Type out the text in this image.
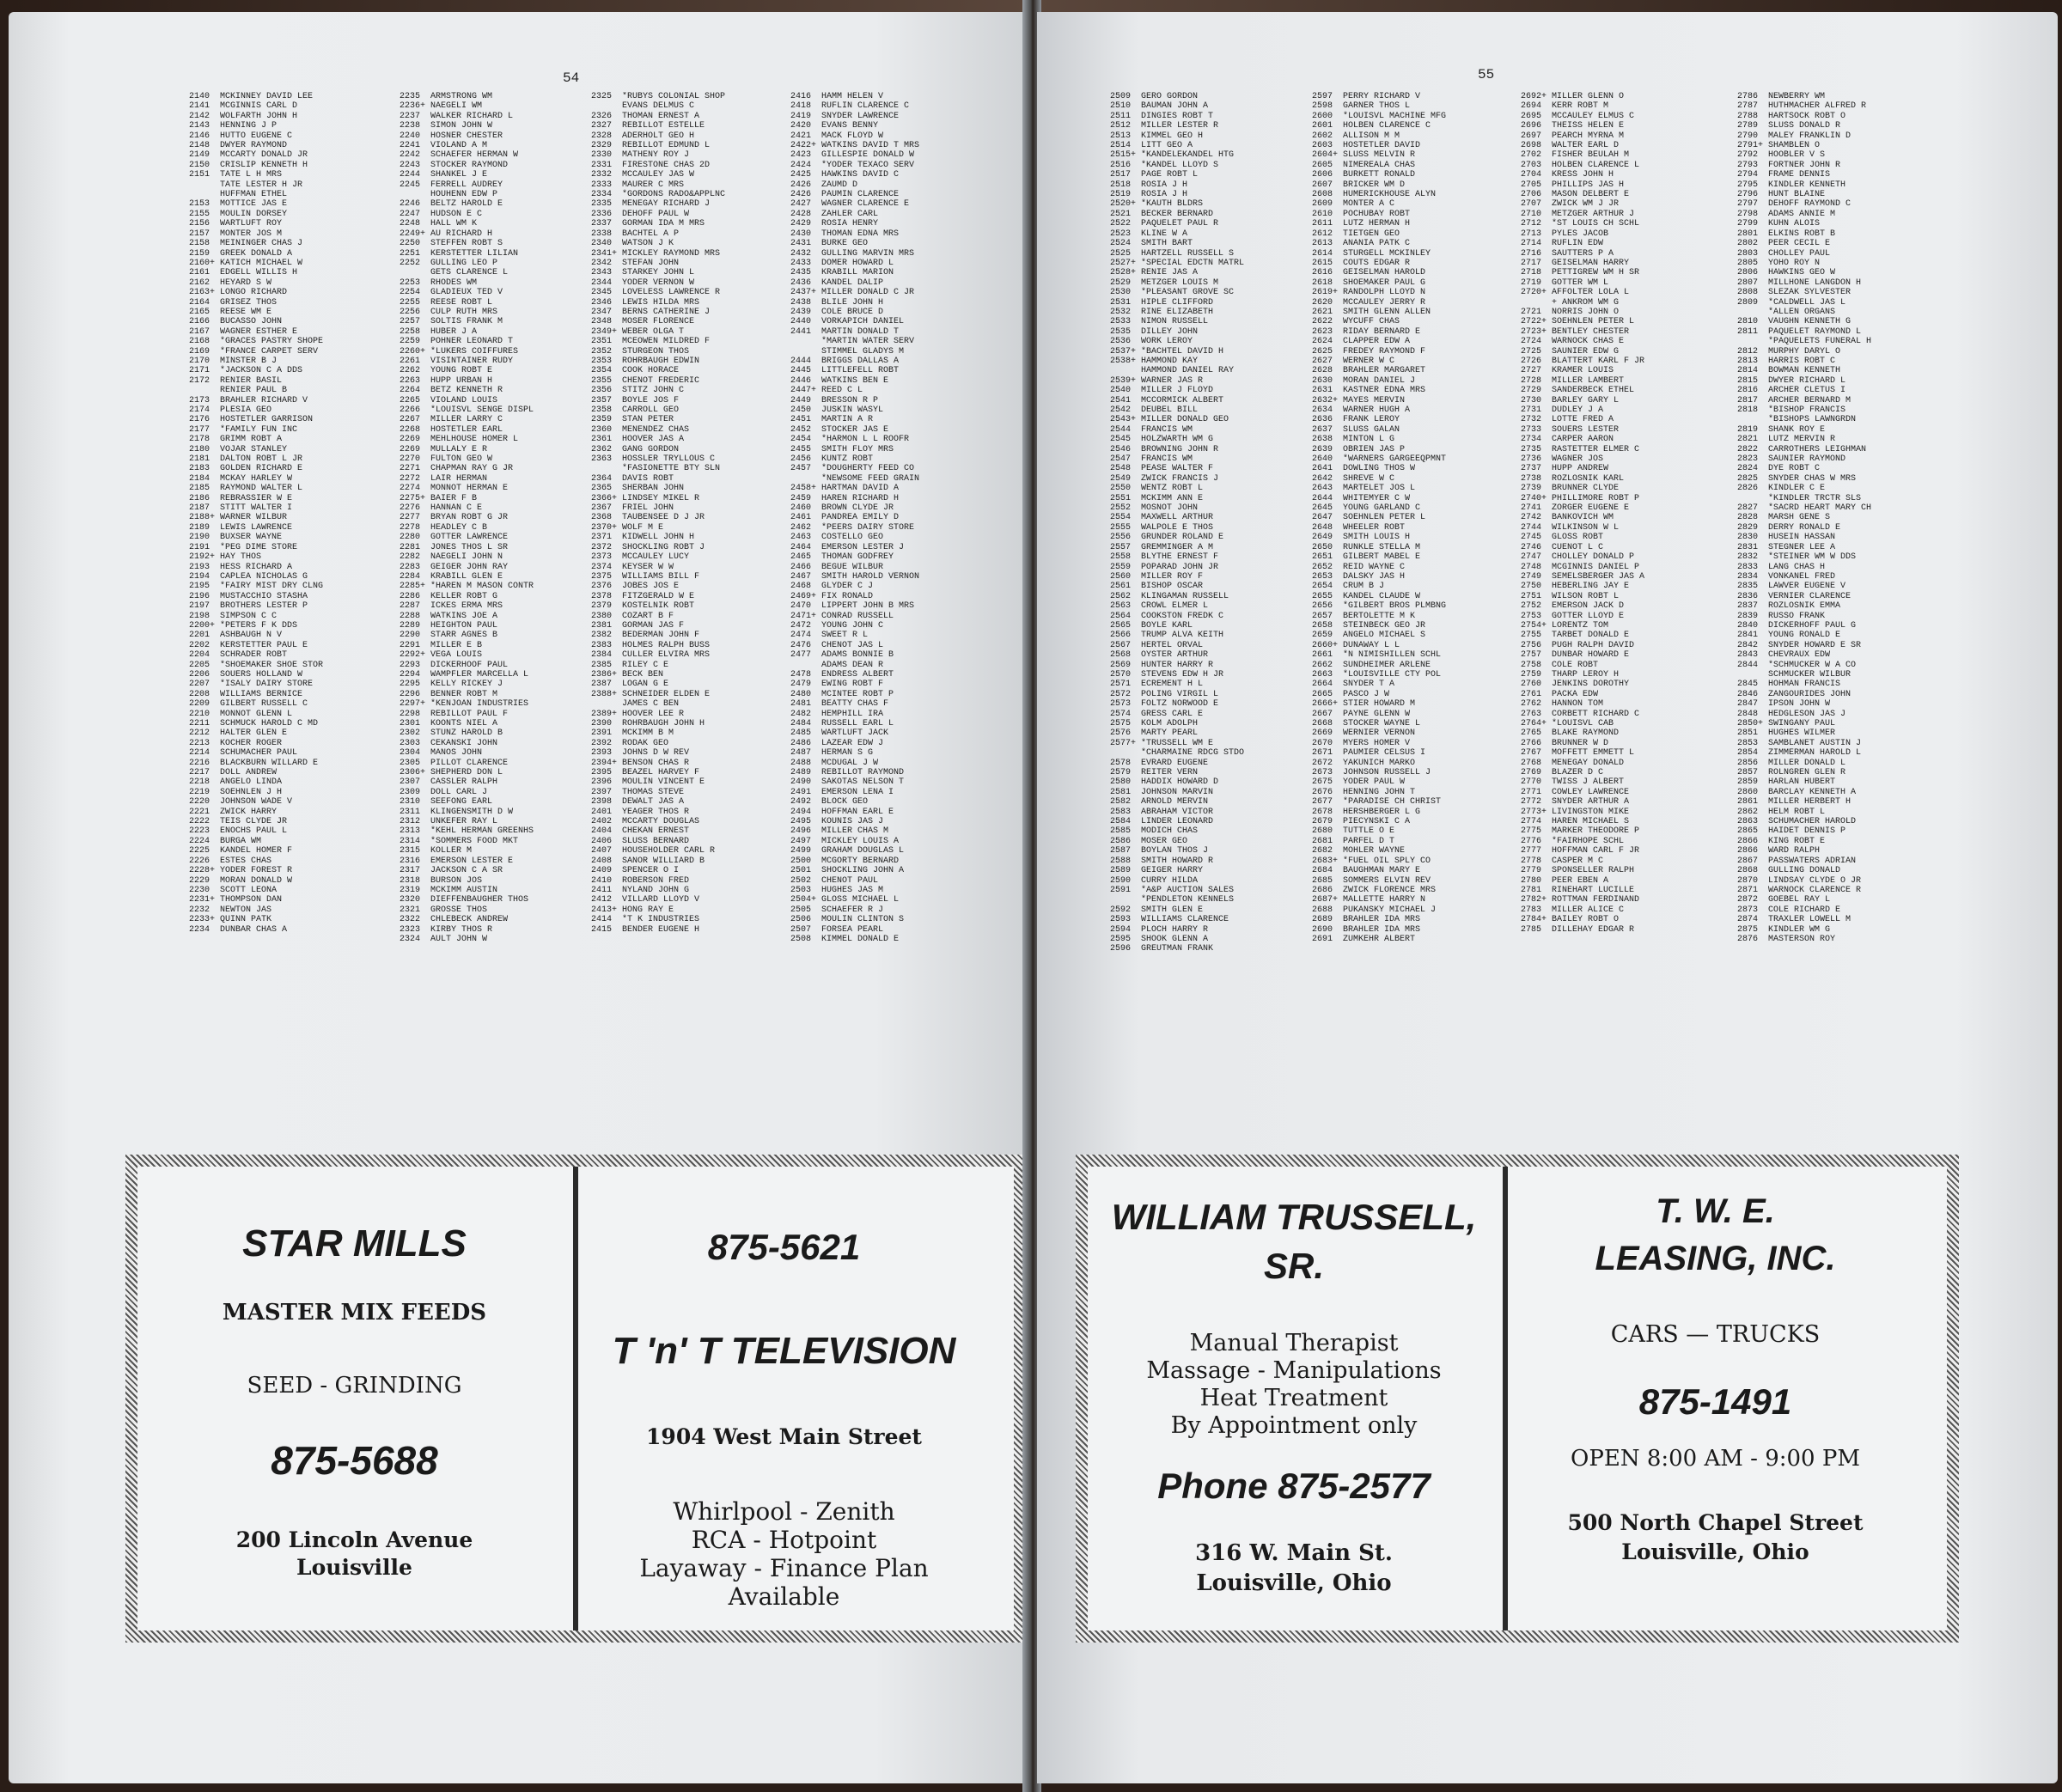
54
2140 MCKINNEY DAVID LEE
2141 MCGINNIS CARL D
2142 WOLFARTH JOHN H
2143 HENNING J P
2146 HUTTO EUGENE C
2148 DWYER RAYMOND
2149 MCCARTY DONALD JR
2150 CRISLIP KENNETH H
2151 TATE L H MRS
TATE LESTER H JR
HUFFMAN ETHEL
2153 MOTTICE JAS E
2155 MOULIN DORSEY
2156 WARTLUFT ROY
2157 MONTER JOS M
2158 MEININGER CHAS J
2159 GREEK DONALD A
2160+ KATICH MICHAEL W
2161 EDGELL WILLIS H
2162 HEYARD S W
2163+ LONGO RICHARD
2164 GRISEZ THOS
2165 REESE WM E
2166 BUCASSO JOHN
2167 WAGNER ESTHER E
2168 *GRACES PASTRY SHOPE
2169 *FRANCE CARPET SERV
2170 MINSTER B J
2171 *JACKSON C A DDS
2172 RENIER BASIL
RENIER PAUL B
2173 BRAHLER RICHARD V
2174 PLESIA GEO
2176 HOSTETLER GARRISON
2177 *FAMILY FUN INC
2178 GRIMM ROBT A
2180 VOJAR STANLEY
2181 DALTON ROBT L JR
2183 GOLDEN RICHARD E
2184 MCKAY HARLEY W
2185 RAYMOND WALTER L
2186 REBRASSIER W E
2187 STITT WALTER I
2188+ WARNER WILBUR
2189 LEWIS LAWRENCE
2190 BUXSER WAYNE
2191 *PEG DIME STORE
2192+ HAY THOS
2193 HESS RICHARD A
2194 CAPLEA NICHOLAS G
2195 *FAIRY MIST DRY CLNG
2196 MUSTACCHIO STASHA
2197 BROTHERS LESTER P
2198 SIMPSON C C
2200+ *PETERS F K DDS
2201 ASHBAUGH N V
2202 KERSTETTER PAUL E
2204 SCHRADER ROBT
2205 *SHOEMAKER SHOE STOR
2206 SOUERS HOLLAND W
2207 *ISALY DAIRY STORE
2208 WILLIAMS BERNICE
2209 GILBERT RUSSELL C
2210 MONNOT GLENN L
2211 SCHMUCK HAROLD C MD
2212 HALTER GLEN E
2213 KOCHER ROGER
2214 SCHUMACHER PAUL
2216 BLACKBURN WILLARD E
2217 DOLL ANDREW
2218 ANGELO LINDA
2219 SOEHNLEN J H
2220 JOHNSON WADE V
2221 ZWICK HARRY
2222 TEIS CLYDE JR
2223 ENOCHS PAUL L
2224 BURGA WM
2225 KANDEL HOMER F
2226 ESTES CHAS
2228+ YODER FOREST R
2229 MORAN DONALD W
2230 SCOTT LEONA
2231+ THOMPSON DAN
2232 NEWTON JAS
2233+ QUINN PATK
2234 DUNBAR CHAS A
2235 ARMSTRONG WM
2236+ NAEGELI WM
2237 WALKER RICHARD L
2238 SIMON JOHN W
2240 HOSNER CHESTER
2241 VIOLAND A M
2242 SCHAEFER HERMAN W
2243 STOCKER RAYMOND
2244 SHANKEL J E
2245 FERRELL AUDREY
HOUHENN EDW P
2246 BELTZ HAROLD E
2247 HUDSON E C
2248 HALL WM K
2249+ AU RICHARD H
2250 STEFFEN ROBT S
2251 KERSTETTER LILIAN
2252 GULLING LEO P
GETS CLARENCE L
2253 RHODES WM
2254 GLADIEUX TED V
2255 REESE ROBT L
2256 CULP RUTH MRS
2257 SOLTIS FRANK M
2258 HUBER J A
2259 POHNER LEONARD T
2260+ *LUKERS COIFFURES
2261 VISINTAINER RUDY
2262 YOUNG ROBT E
2263 HUPP URBAN H
2264 BETZ KENNETH R
2265 VIOLAND LOUIS
2266 *LOUISVL SENGE DISPL
2267 MILLER LARRY C
2268 HOSTETLER EARL
2269 MEHLHOUSE HOMER L
2269 MULLALY E R
2270 FULTON GEO W
2271 CHAPMAN RAY G JR
2272 LAIR HERMAN
2274 MONNOT HERMAN E
2275+ BAIER F B
2276 HANNAN C E
2277 BRYAN ROBT G JR
2278 HEADLEY C B
2280 GOTTER LAWRENCE
2281 JONES THOS L SR
2282 NAEGELI JOHN N
2283 GEIGER JOHN RAY
2284 KRABILL GLEN E
2285+ *HAREN M MASON CONTR
2286 KELLER ROBT G
2287 ICKES ERMA MRS
2288 WATKINS JOE A
2289 HEIGHTON PAUL
2290 STARR AGNES B
2291 MILLER E B
2292+ VEGA LOUIS
2293 DICKERHOOF PAUL
2294 WAMPFLER MARCELLA L
2295 KELLY RICKEY J
2296 BENNER ROBT M
2297+ *KENJOAN INDUSTRIES
2298 REBILLOT PAUL F
2301 KOONTS NIEL A
2302 STUNZ HAROLD B
2303 CEKANSKI JOHN
2304 MANOS JOHN
2305 PILLOT CLARENCE
2306+ SHEPHERD DON L
2307 CASSLER RALPH
2309 DOLL CARL J
2310 SEEFONG EARL
2311 KLINGENSMITH D W
2312 UNKEFER RAY L
2313 *KEHL HERMAN GREENHS
2314 *SOMMERS FOOD MKT
2315 KOLLER M
2316 EMERSON LESTER E
2317 JACKSON C A SR
2318 BURSON JOS
2319 MCKIMM AUSTIN
2320 DIEFFENBAUGHER THOS
2321 GROSSE THOS
2322 CHLEBECK ANDREW
2323 KIRBY THOS R
2324 AULT JOHN W
2325 *RUBYS COLONIAL SHOP
EVANS DELMUS C
2326 THOMAN ERNEST A
2327 REBILLOT ESTELLE
2328 ADERHOLT GEO H
2329 REBILLOT EDMUND L
2330 MATHENY ROY J
2331 FIRESTONE CHAS 2D
2332 MCCAULEY JAS W
2333 MAURER C MRS
2334 *GORDONS RADO&APPLNC
2335 MENEGAY RICHARD J
2336 DEHOFF PAUL W
2337 GORMAN IDA M MRS
2338 BACHTEL A P
2340 WATSON J K
2341+ MICKLEY RAYMOND MRS
2342 STEFAN JOHN
2343 STARKEY JOHN L
2344 YODER VERNON W
2345 LOVELESS LAWRENCE R
2346 LEWIS HILDA MRS
2347 BERNS CATHERINE J
2348 MOSER FLORENCE
2349+ WEBER OLGA T
2351 MCEOWEN MILDRED F
2352 STURGEON THOS
2353 ROHRBAUGH EDWIN
2354 COOK HORACE
2355 CHENOT FREDERIC
2356 STITZ JOHN C
2357 BOYLE JOS F
2358 CARROLL GEO
2359 STAN PETER
2360 MENENDEZ CHAS
2361 HOOVER JAS A
2362 GANG GORDON
2363 HOSSLER TRYLLOUS C
*FASIONETTE BTY SLN
2364 DAVIS ROBT
2365 SHERBAN JOHN
2366+ LINDSEY MIKEL R
2367 FRIEL JOHN
2368 TAUBENSEE D J JR
2370+ WOLF M E
2371 KIDWELL JOHN H
2372 SHOCKLING ROBT J
2373 MCCAULEY LUCY
2374 KEYSER W W
2375 WILLIAMS BILL F
2376 JOBES JOS E
2378 FITZGERALD W E
2379 KOSTELNIK ROBT
2380 COZART B F
2381 GORMAN JAS F
2382 BEDERMAN JOHN F
2383 HOLMES RALPH BUSS
2384 CULLER ELVIRA MRS
2385 RILEY C E
2386+ BECK BEN
2387 LOGAN G E
2388+ SCHNEIDER ELDEN E
JAMES C BEN
2389+ HOOVER LEE R
2390 ROHRBAUGH JOHN H
2391 MCKIMM B M
2392 RODAK GEO
2393 JOHNS D W REV
2394+ BENSON CHAS R
2395 BEAZEL HARVEY F
2396 MOULIN VINCENT E
2397 THOMAS STEVE
2398 DEWALT JAS A
2401 YEAGER THOS R
2402 MCCARTY DOUGLAS
2404 CHEKAN ERNEST
2406 SLUSS BERNARD
2407 HOUSEHOLDER CARL R
2408 SANOR WILLIARD B
2409 SPENCER O I
2410 ROBERSON FRED
2411 NYLAND JOHN G
2412 VILLARD LLOYD V
2413+ HONG RAY E
2414 *T K INDUSTRIES
2415 BENDER EUGENE H
2416 HAMM HELEN V
2418 RUFLIN CLARENCE C
2419 SNYDER LAWRENCE
2420 EVANS BENNY
2421 MACK FLOYD W
2422+ WATKINS DAVID T MRS
2423 GILLESPIE DONALD W
2424 *YODER TEXACO SERV
2425 HAWKINS DAVID C
2426 ZAUMD D
2426 PAUMIN CLARENCE
2427 WAGNER CLARENCE E
2428 ZAHLER CARL
2429 ROSIA HENRY
2430 THOMAN EDNA MRS
2431 BURKE GEO
2432 GULLING MARVIN MRS
2433 DOMER HOWARD L
2435 KRABILL MARION
2436 KANDEL DALIP
2437+ MILLER DONALD C JR
2438 BLILE JOHN H
2439 COLE BRUCE D
2440 VORKAPICH DANIEL
2441 MARTIN DONALD T
*MARTIN WATER SERV
STIMMEL GLADYS M
2444 BRIGGS DALLAS A
2445 LITTLEFELL ROBT
2446 WATKINS BEN E
2447+ REED C L
2449 BRESSON R P
2450 JUSKIN WASYL
2451 MARTIN A R
2452 STOCKER JAS E
2454 *HARMON L L ROOFR
2455 SMITH FLOY MRS
2456 KUNTZ ROBT
2457 *DOUGHERTY FEED CO
*NEWSOME FEED GRAIN
2458+ HARTMAN DAVID A
2459 HAREN RICHARD H
2460 BROWN CLYDE JR
2461 PANDREA EMILY D
2462 *PEERS DAIRY STORE
2463 COSTELLO GEO
2464 EMERSON LESTER J
2465 THOMAN GODFREY
2466 BEGUE WILBUR
2467 SMITH HAROLD VERNON
2468 GLYDER C J
2469+ FIX RONALD
2470 LIPPERT JOHN B MRS
2471+ CONRAD RUSSELL
2472 YOUNG JOHN C
2474 SWEET R L
2476 CHENOT JAS L
2477 ADAMS BONNIE B
ADAMS DEAN R
2478 ENDRESS ALBERT
2479 EWING ROBT F
2480 MCINTEE ROBT P
2481 BEATTY CHAS F
2482 HEMPHILL IRA
2484 RUSSELL EARL L
2485 WARTLUFT JACK
2486 LAZEAR EDW J
2487 HERMAN S G
2488 MCDUGAL J W
2489 REBILLOT RAYMOND
2490 SAKOTAS NELSON T
2491 EMERSON LENA I
2492 BLOCK GEO
2494 HOFFMAN EARL E
2495 KOUNIS JAS J
2496 MILLER CHAS M
2497 MICKLEY LOUIS A
2499 GRAHAM DOUGLAS L
2500 MCGORTY BERNARD
2501 SHOCKLING JOHN A
2502 CHENOT PAUL
2503 HUGHES JAS M
2504+ GLOSS MICHAEL L
2505 SCHAEFER R J
2506 MOULIN CLINTON S
2507 FORSEA PEARL
2508 KIMMEL DONALD E
STAR MILLS
MASTER MIX FEEDS
SEED - GRINDING
875-5688
200 Lincoln Avenue
Louisville
875-5621
T 'n' T TELEVISION
1904 West Main Street
Whirlpool - Zenith
RCA - Hotpoint
Layaway - Finance Plan
Available
55
2509 GERO GORDON
2510 BAUMAN JOHN A
2511 DINGIES ROBT T
2512 MILLER LESTER R
2513 KIMMEL GEO H
2514 LITT GEO A
2515+ *KANDELEKANDEL HTG
2516 *KANDEL LLOYD S
2517 PAGE ROBT L
2518 ROSIA J H
2519 ROSIA J H
2520+ *KAUTH BLDRS
2521 BECKER BERNARD
2522 PAQUELET PAUL R
2523 KLINE W A
2524 SMITH BART
2525 HARTZELL RUSSELL S
2527+ *SPECIAL EDCTN MATRL
2528+ RENIE JAS A
2529 METZGER LOUIS M
2530 *PLEASANT GROVE SC
2531 HIPLE CLIFFORD
2532 RINE ELIZABETH
2533 NIMON RUSSELL
2535 DILLEY JOHN
2536 WORK LEROY
2537+ *BACHTEL DAVID H
2538+ HAMMOND KAY
HAMMOND DANIEL RAY
2539+ WARNER JAS R
2540 MILLER J FLOYD
2541 MCCORMICK ALBERT
2542 DEUBEL BILL
2543+ MILLER DONALD GEO
2544 FRANCIS WM
2545 HOLZWARTH WM G
2546 BROWNING JOHN R
2547 FRANCIS WM
2548 PEASE WALTER F
2549 ZWICK FRANCIS J
2550 WENTZ ROBT L
2551 MCKIMM ANN E
2552 MOSNOT JOHN
2554 MAXWELL ARTHUR
2555 WALPOLE E THOS
2556 GRUNDER ROLAND E
2557 GREMMINGER A M
2558 BLYTHE ERNEST F
2559 POPARAD JOHN JR
2560 MILLER ROY F
2561 BISHOP OSCAR
2562 KLINGAMAN RUSSELL
2563 CROWL ELMER L
2564 COOKSTON FREDK C
2565 BOYLE KARL
2566 TRUMP ALVA KEITH
2567 HERTEL ORVAL
2568 OYSTER ARTHUR
2569 HUNTER HARRY R
2570 STEVENS EDW H JR
2571 ECREMENT H L
2572 POLING VIRGIL L
2573 FOLTZ NORWOOD E
2574 GRESS CARL E
2575 KOLM ADOLPH
2576 MARTY PEARL
2577+ *TRUSSELL WM E
*CHARMAINE RDCG STDO
2578 EVRARD EUGENE
2579 REITER VERN
2580 HADDIX HOWARD D
2581 JOHNSON MARVIN
2582 ARNOLD MERVIN
2583 ABRAHAM VICTOR
2584 LINDER LEONARD
2585 MODICH CHAS
2586 MOSER GEO
2587 BOYLAN THOS J
2588 SMITH HOWARD R
2589 GEIGER HARRY
2590 CURRY HILDA
2591 *A&P AUCTION SALES
*PENDLETON KENNELS
2592 SMITH GLEN E
2593 WILLIAMS CLARENCE
2594 PLOCH HARRY R
2595 SHOOK GLENN A
2596 GREUTMAN FRANK
2597 PERRY RICHARD V
2598 GARNER THOS L
2600 *LOUISVL MACHINE MFG
2601 HOLBEN CLARENCE C
2602 ALLISON M M
2603 HOSTETLER DAVID
2604+ SLUSS MELVIN R
2605 NIMEREALA CHAS
2606 BURKETT RONALD
2607 BRICKER WM D
2608 HUMERICKHOUSE ALYN
2609 MONTER A C
2610 POCHUBAY ROBT
2611 LUTZ HERMAN H
2612 TIETGEN GEO
2613 ANANIA PATK C
2614 STURGELL MCKINLEY
2615 COUTS EDGAR R
2616 GEISELMAN HAROLD
2618 SHOEMAKER PAUL G
2619+ RANDOLPH LLOYD N
2620 MCCAULEY JERRY R
2621 SMITH GLENN ALLEN
2622 WYCUFF CHAS
2623 RIDAY BERNARD E
2624 CLAPPER EDW A
2625 FREDEY RAYMOND F
2627 WERNER W C
2628 BRAHLER MARGARET
2630 MORAN DANIEL J
2631 KASTNER EDNA MRS
2632+ MAYES MERVIN
2634 WARNER HUGH A
2636 FRANK LEROY
2637 SLUSS GALAN
2638 MINTON L G
2639 OBRIEN JAS P
2640 *WARNERS GARGEEQPMNT
2641 DOWLING THOS W
2642 SHREVE W C
2643 MARTELET JOS L
2644 WHITEMYER C W
2645 YOUNG GARLAND C
2647 SOEHNLEN PETER L
2648 WHEELER ROBT
2649 SMITH LOUIS H
2650 RUNKLE STELLA M
2651 GILBERT MABEL E
2652 REID WAYNE C
2653 DALSKY JAS H
2654 CRUM B J
2655 KANDEL CLAUDE W
2656 *GILBERT BROS PLMBNG
2657 BERTOLETTE M K
2658 STEINBECK GEO JR
2659 ANGELO MICHAEL S
2660+ DUNAWAY L L
2661 *N NIMISHILLEN SCHL
2662 SUNDHEIMER ARLENE
2663 *LOUISVILLE CTY POL
2664 SNYDER T A
2665 PASCO J W
2666+ STIER HOWARD M
2667 PAYNE GLENN W
2668 STOCKER WAYNE L
2669 WERNIER VERNON
2670 MYERS HOMER V
2671 PAUMIER CELSUS I
2672 YAKUNICH MARKO
2673 JOHNSON RUSSELL J
2675 YODER PAUL W
2676 HENNING JOHN T
2677 *PARADISE CH CHRIST
2678 HERSHBERGER L G
2679 PIECYNSKI C A
2680 TUTTLE O E
2681 PARFEL D T
2682 MOHLER WAYNE
2683+ *FUEL OIL SPLY CO
2684 BAUGHMAN MARY E
2685 SOMMERS ELVIN REV
2686 ZWICK FLORENCE MRS
2687+ MALLETTE HARRY N
2688 PUKANSKY MICHAEL J
2689 BRAHLER IDA MRS
2690 BRAHLER IDA MRS
2691 ZUMKEHR ALBERT
2692+ MILLER GLENN O
2694 KERR ROBT M
2695 MCCAULEY ELMUS C
2696 THEISS HELEN E
2697 PEARCH MYRNA M
2698 WALTER EARL D
2702 FISHER BEULAH M
2703 HOLBEN CLARENCE L
2704 KRESS JOHN H
2705 PHILLIPS JAS H
2706 MASON DELBERT E
2707 ZWICK WM J JR
2710 METZGER ARTHUR J
2712 *ST LOUIS CH SCHL
2713 PYLES JACOB
2714 RUFLIN EDW
2716 SAUTTERS P A
2717 GEISELMAN HARRY
2718 PETTIGREW WM H SR
2719 GOTTER WM L
2720+ AFFOLTER LOLA L
+ ANKROM WM G
2721 NORRIS JOHN O
2722+ SOEHNLEN PETER L
2723+ BENTLEY CHESTER
2724 WARNOCK CHAS E
2725 SAUNIER EDW G
2726 BLATTERT KARL F JR
2727 KRAMER LOUIS
2728 MILLER LAMBERT
2729 SANDERBECK ETHEL
2730 BARLEY GARY L
2731 DUDLEY J A
2732 LOTTE FRED A
2733 SOUERS LESTER
2734 CARPER AARON
2735 RASTETTER ELMER C
2736 WAGNER JOS
2737 HUPP ANDREW
2738 ROZLOSNIK KARL
2739 BRUNNER CLYDE
2740+ PHILLIMORE ROBT P
2741 ZORGER EUGENE E
2742 BANKOVICH WM
2744 WILKINSON W L
2745 GLOSS ROBT
2746 CUENOT L C
2747 CHOLLEY DONALD P
2748 MCGINNIS DANIEL P
2749 SEMELSBERGER JAS A
2750 HEBERLING JAY E
2751 WILSON ROBT L
2752 EMERSON JACK D
2753 GOTTER LLOYD E
2754+ LORENTZ TOM
2755 TARBET DONALD E
2756 PUGH RALPH DAVID
2757 DUNBAR HOWARD E
2758 COLE ROBT
2759 THARP LEROY H
2760 JENKINS DOROTHY
2761 PACKA EDW
2762 HANNON TOM
2763 CORBETT RICHARD C
2764+ *LOUISVL CAB
2765 BLAKE RAYMOND
2766 BRUNNER W D
2767 MOFFETT EMMETT L
2768 MENEGAY DONALD
2769 BLAZER D C
2770 TWISS J ALBERT
2771 COWLEY LAWRENCE
2772 SNYDER ARTHUR A
2773+ LIVINGSTON MIKE
2774 HAREN MICHAEL S
2775 MARKER THEODORE P
2776 *FAIRHOPE SCHL
2777 HOFFMAN CARL F JR
2778 CASPER M C
2779 SPONSELLER RALPH
2780 PEER EBEN A
2781 RINEHART LUCILLE
2782+ ROTTMAN FERDINAND
2783 MILLER ALICE C
2784+ BAILEY ROBT O
2785 DILLEHAY EDGAR R
2786 NEWBERRY WM
2787 HUTHMACHER ALFRED R
2788 HARTSOCK ROBT O
2789 SLUSS DONALD R
2790 MALEY FRANKLIN D
2791+ SHAMBLEN O
2792 HOOBLER V S
2793 FORTNER JOHN R
2794 FRAME DENNIS
2795 KINDLER KENNETH
2796 HUNT BLAINE
2797 DEHOFF RAYMOND C
2798 ADAMS ANNIE M
2799 KUHN ALOIS
2801 ELKINS ROBT B
2802 PEER CECIL E
2803 CHOLLEY PAUL
2805 YOHO ROY N
2806 HAWKINS GEO W
2807 MILLHONE LANGDON H
2808 SLEZAK SYLVESTER
2809 *CALDWELL JAS L
*ALLEN ORGANS
2810 VAUGHN KENNETH G
2811 PAQUELET RAYMOND L
*PAQUELETS FUNERAL H
2812 MURPHY DARYL O
2813 HARRIS ROBT C
2814 BOWMAN KENNETH
2815 DWYER RICHARD L
2816 ARCHER CLETUS I
2817 ARCHER BERNARD M
2818 *BISHOP FRANCIS
*BISHOPS LAWNGRDN
2819 SHANK ROY E
2821 LUTZ MERVIN R
2822 CARROTHERS LEIGHMAN
2823 SAUNIER RAYMOND
2824 DYE ROBT C
2825 SNYDER CHAS W MRS
2826 KINDLER C E
*KINDLER TRCTR SLS
2827 *SACRD HEART MARY CH
2828 MARSH GENE S
2829 DERRY RONALD E
2830 HUSEIN HASSAN
2831 STEGNER LEE A
2832 *STEINER WM W DDS
2833 LANG CHAS H
2834 VONKANEL FRED
2835 LAWVER EUGENE V
2836 VERNIER CLARENCE
2837 ROZLOSNIK EMMA
2839 RUSSO FRANK
2840 DICKERHOFF PAUL G
2841 YOUNG RONALD E
2842 SNYDER HOWARD E SR
2843 CHEVRAUX EDW
2844 *SCHMUCKER W A CO
SCHMUCKER WILBUR
2845 HOHMAN FRANCIS
2846 ZANGOURIDES JOHN
2847 IPSON JOHN W
2848 HEDGLESON JAS J
2850+ SWINGANY PAUL
2851 HUGHES WILMER
2853 SAMBLANET AUSTIN J
2854 ZIMMERMAN HAROLD L
2856 MILLER DONALD L
2857 ROLNGREN GLEN R
2859 HARLAN HUBERT
2860 BARCLAY KENNETH A
2861 MILLER HERBERT H
2862 HELM ROBT L
2863 SCHUMACHER HAROLD
2865 HAIDET DENNIS P
2866 KING ROBT E
2866 WARD RALPH
2867 PASSWATERS ADRIAN
2868 GULLING DONALD
2870 LINDSAY CLYDE O JR
2871 WARNOCK CLARENCE R
2872 GOEBEL RAY L
2873 COLE RICHARD E
2874 TRAXLER LOWELL M
2875 KINDLER WM G
2876 MASTERSON ROY
WILLIAM TRUSSELL,
SR.
Manual Therapist
Massage - Manipulations
Heat Treatment
By Appointment only
Phone 875-2577
316 W. Main St.
Louisville, Ohio
T. W. E.
LEASING, INC.
CARS — TRUCKS
875-1491
OPEN 8:00 AM - 9:00 PM
500 North Chapel Street
Louisville, Ohio
